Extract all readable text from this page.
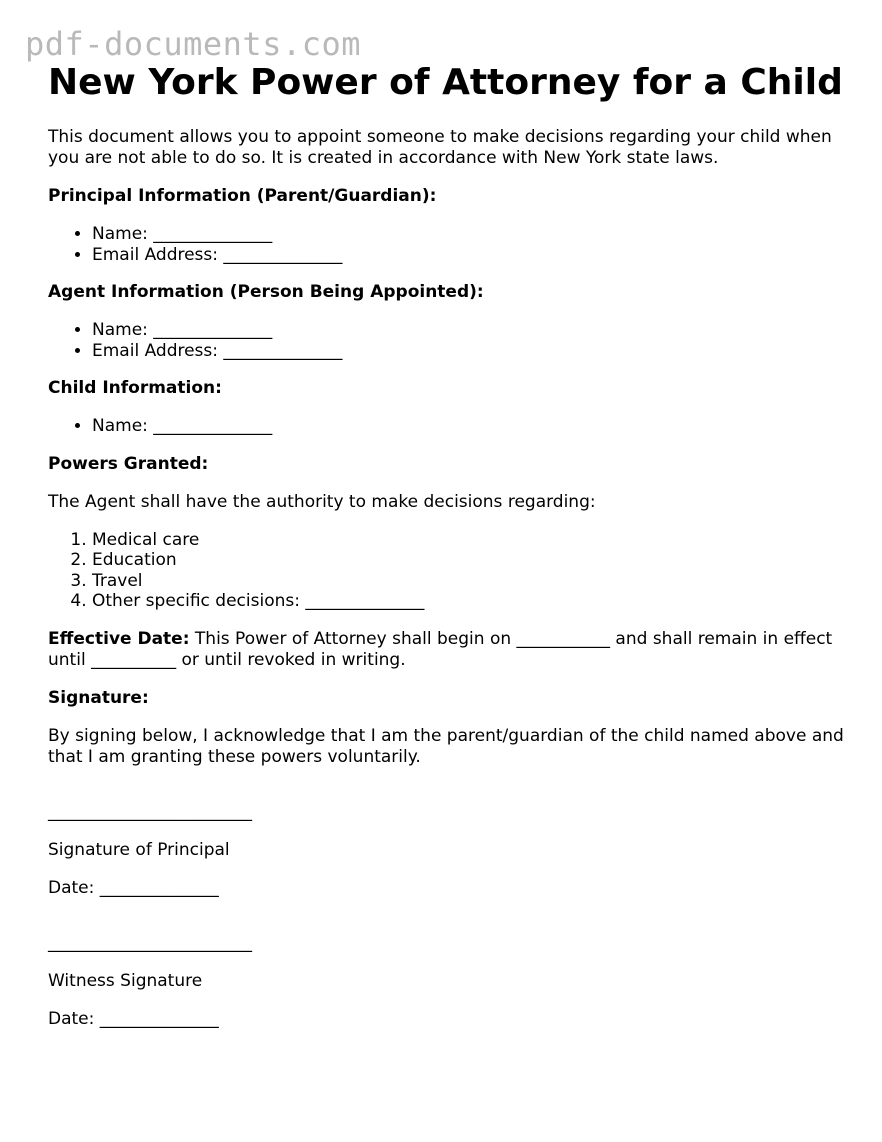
pdf-documents.com
New York Power of Attorney for a Child

This document allows you to appoint someone to make decisions regarding your child when you are not able to do so. It is created in accordance with New York state laws.

Principal Information (Parent/Guardian):

• Name: ______________
• Email Address: ______________

Agent Information (Person Being Appointed):

• Name: ______________
• Email Address: ______________

Child Information:

• Name: ______________

Powers Granted:

The Agent shall have the authority to make decisions regarding:

1. Medical care
2. Education
3. Travel
4. Other specific decisions: ______________

Effective Date: This Power of Attorney shall begin on ___________ and shall remain in effect until __________ or until revoked in writing.

Signature:

By signing below, I acknowledge that I am the parent/guardian of the child named above and that I am granting these powers voluntarily.

________________________

Signature of Principal

Date: ______________

________________________

Witness Signature

Date: ______________
